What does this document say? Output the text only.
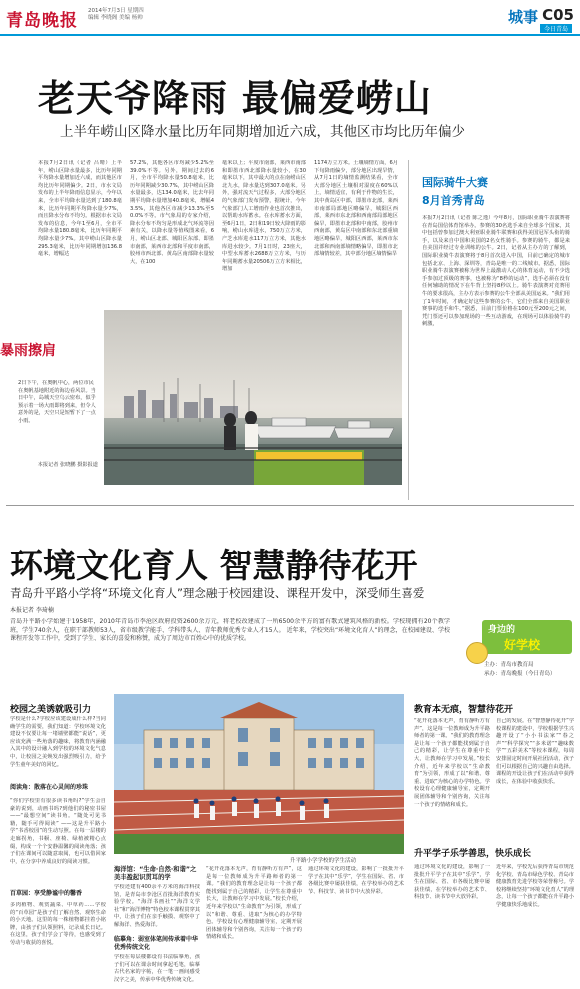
青岛晚报 2014年7月3日 星期四
编辑 李晓阁 美编 杨帅	城事 C05
今日青岛
老天爷降雨 最偏爱崂山
上半年崂山区降水量比历年同期增加近六成，其他区市均比历年偏少
本报7月2日讯（记者 吕晴）上半年，崂山区降水量最多，比历年同期平均降水量增加近六成，而其他区市均比历年同期偏少。2日，市水文局发布的上半年降雨信息显示，今年以来，全市平均降水量达到了180.8毫米，比历年同期平均降水量少7%，而且降水分布不均匀。根据市水文局发布的信息，今年1至6月，全市平均降水量180.8毫米，比历年同期平均降水量少7%。其中崂山区降水量295.3毫米，比历年同期增加136.8毫米，增幅达
57.2%，其他各区市均减少5.2%至39.0%不等。另外，期间过去的6月，全市平均降水量50.8毫米，比历年同期减少30.7%，其中崂山区降水量最多，达134.0毫米，比去年同期平均降水量增加40.8毫米，增幅43.5%，其他各区市减少13.3%至50.0%不等。市气象局的专家介绍，降水分布不均匀是形成北气环流等因素有关，以降水量等值线图来看，6月，崂山区北部、城阳区东部、即墨市南部，莱西市北部和平度市南部，胶州市西北部、黄岛区南部降水量较大，在100
毫米以上；平度市南部，莱西市南部和即墨市西北部降水量较小，在30毫米以下，其中最大的点在南崂山区北九水，降水量达到307.0毫米。另外，强对流天气过程多，大部分地区的气象部门发布预警，据统计，今年气象部门人工增雨作业也首次推出，以帮助水库蓄水。在水库蓄水方面，至6月1日，2日和19日较大降雨的影响，崂山水库进水，750万立方米，产芝水库进水117万立方米，其他水库进水较少。7月1日时，23座大，中型水库蓄水2688万立方米，与历年同期蓄水量20506万立方米相比，增加
1174万立方米。土壤墒情方面，6月下旬降雨偏少，部分地区出现旱情，从7月1日的墒情监测结果看，全市大部分地区土壤相对湿度在60%以上，墒情适宜，有利于作物的生长，其中黄岛区中部，即墨市北部，莱西市南部局部地区略偏旱，城阳区西部，莱西市东北部和西南部局部地区偏旱，即墨市北部和中南部，胶州市西南部，黄岛区中南部和东北部重墒地区略偏旱，城阳区西部，莱西市东北部和西南部墒情略偏旱，即墨市北部墒情较差，其中部分地区墒情偏旱
国际骑牛大赛
8月首秀青岛
本报7月2日讯（记者 陈之逸）今年8月，国际职业骑牛表演赛将在青岛国信体育馆举办。参赛的30名选手来自全球多个国家，其中包括曾参加过澳大利亚职业骑牛联赛和获得美国冠军头衔的骑手，以及来自中国和美国的2名女性骑手。参赛的骑牛，都是来自美国并经过专业训练的公牛。2日，记者从主办方的了解到，国际职业骑牛表演赛将于8月首次进入中国，目前已确定的城市包括北京、上海、深圳等，青岛是唯一的二线城市。据悉，国际职业骑牛表演赛被称为世界上最激动人心的体育运动，有不少选手参加过顶级的赛事，也被称为“8秒的运动”，选手必须在没有任何辅助的情况下在牛背上坚持8秒以上。骑牛表演赛对竞赛用牛的要求很高，主办方表示参赛的公牛全部从美国运来。“我们用了1年时间，才确定好这些参赛的公牛，它们全部来自美国职业赛事的选手和牛。”据悉，目前门票价格在100元至200元之间，凭门票还可以参加现场的一些互动游戏，在现场可以体验骑牛的刺激，
暴雨擦肩
2日下午，在奥帆中心，两位市民在奥帆基地附近的海边看风景。当日中午，岛城天空乌云密布，似乎预示着一场大雨即将到来，但令人意外的是，天空只是短暂下了一点小雨。
本报记者 张晓鹏 摄影报道
环境文化育人 智慧静待花开
青岛升平路小学将“环境文化育人”理念融于校园建设、课程开发中，深受师生喜爱
本报记者 李琦楠
青岛升平路小学始建于1958年，2010年青岛市李沧区政府投资2600余万元，将老校改建成了一所6500余平方的富有歌式建筑风格的新校。学校现拥有20个教学班，学生740余人，在职干部教师53人，省市级教学能手、学科带头人、青年教师优秀专业人才15人。 近年来，学校突出“环境文化育人”的理念，在校园建设、学校课程开发等工作中，受到了学生、家长的喜爱和称赞，成为了周边市百姓心中的优质学校。
身边的
好学校
主办：青岛市教育局
承办：青岛晚报（今日青岛）
校园之美诱就吸引力
学校是什么?学校应该建设成什么样?当同确学生的需要，我们知道：学校环境文化建设不仅要让每一堵墙壁都能“说话”，更应该充满一些角落的趣味，将教育内涵融入其中的设计融入到学校的环境文化气息中，让校园之美焕发出强烈吸引力，给予学生童年美好的回忆。
阅读角：散落在心灵间的珍珠
“你们学校里有很多读书角吗?”学生会自豪的说到，动画书吗?到他们的秘密书屋——“最想空间”读书角。“随处可见书籍，随手可得阅读” ——这是升平路小学“书香校园”的生动写照。在每一层楼的走廊拐角，书橱、座椅、绿植被精心点缀，构成一个个安静温馨的阅读角落；孩子们在课间可以随意取阅，也可以借回家中，在分享中养成良好的阅读习惯。
百草园：享受静谧中的馨香
多肉植物、观赏蔬菜、中草药……学校的“百草园”是孩子们了解自然、观察生命的小天地。这里的每一株植物都挂着小铭牌，由孩子们认领照料，记录成长日记。在这里，孩子们学会了等待，也感受到了劳动与收获的喜悦。
升平路小学学校的学生活动
海洋馆：“生命·自然·和谐”之美丰盈起识贯耳的学
学校还建有400余平方米的海洋科技馆，是青岛市李沧区首批海洋教育实验学校。“海洋书画社”“海洋文学社”和“海洋博物”特色校本课程贯穿其中，让孩子们在亲手触摸、观察中了解海洋、热爱海洋。
临摹角：弱室体笔间传承着中华优秀传统文化
学校在每层楼都设有书法临摹角，孩子们可以在课余时间拿起毛笔，临摹古代名家的字帖，在一笔一画间感受汉字之美，传承中华优秀传统文化。
“花开花落本无声，育有静听方有声”，这是每一位教师成为升平路师者的第一课。“我们的教育理念是让每一个孩子都能找到属于自己的精彩，让学生在尊重中长大，让教师在学习中发展。”校长介绍，近年来学校以“生命教育”为引领，形成了以“和谐、尊重、进取”为核心的办学特色。学校设有心理健康辅导室，定期开展团体辅导和个别咨询，关注每一个孩子的情绪和成长。
通过环境文化的建设，影响了一批批升平学子在其中“乐学”，学生在国际、省、市各级比赛中屡获佳绩，在学校举办的艺术节、科技节、读书节中大放异彩。
教育本无痕，智慧待花开
“花开花落本无声，育有静听方有声”，这是每一位教师成为升平路师者的第一课。“我们的教育理念是让每一个孩子都能找到属于自己的精彩，让学生在尊重中长大，让教师在学习中发展。”校长介绍，近年来学校以“生命教育”为引领，形成了以“和谐、尊重、进取”为核心的办学特色。学校设有心理健康辅导室，定期开展团体辅导和个别咨询，关注每一个孩子的情绪和成长。
自己的发展。在“智慧静待花开”学校课程的建设中，学校根据学生兴趣开设了“小小书法家”“春之声”“科学探究”“多米诺”“趣味数学”“五彩美术”等校本课程，每周安排固定时间开展社团活动，孩子们可以根据自己的兴趣自由选择。课程的开设让孩子们在活动中获得成长，在体验中收获快乐。
升平学子乐学善思，快乐成长
通过环境文化的建设，影响了一批批升平学子在其中“乐学”，学生在国际、省、市各级比赛中屡获佳绩，在学校举办的艺术节、科技节、读书节中大放异彩。
近年来，学校先后获得青岛市规范化学校、青岛市绿色学校、青岛市健康教育先进学校等荣誉称号。学校将继续坚持“环境文化育人”的理念，让每一个孩子都能在升平路小学健康快乐地成长。
